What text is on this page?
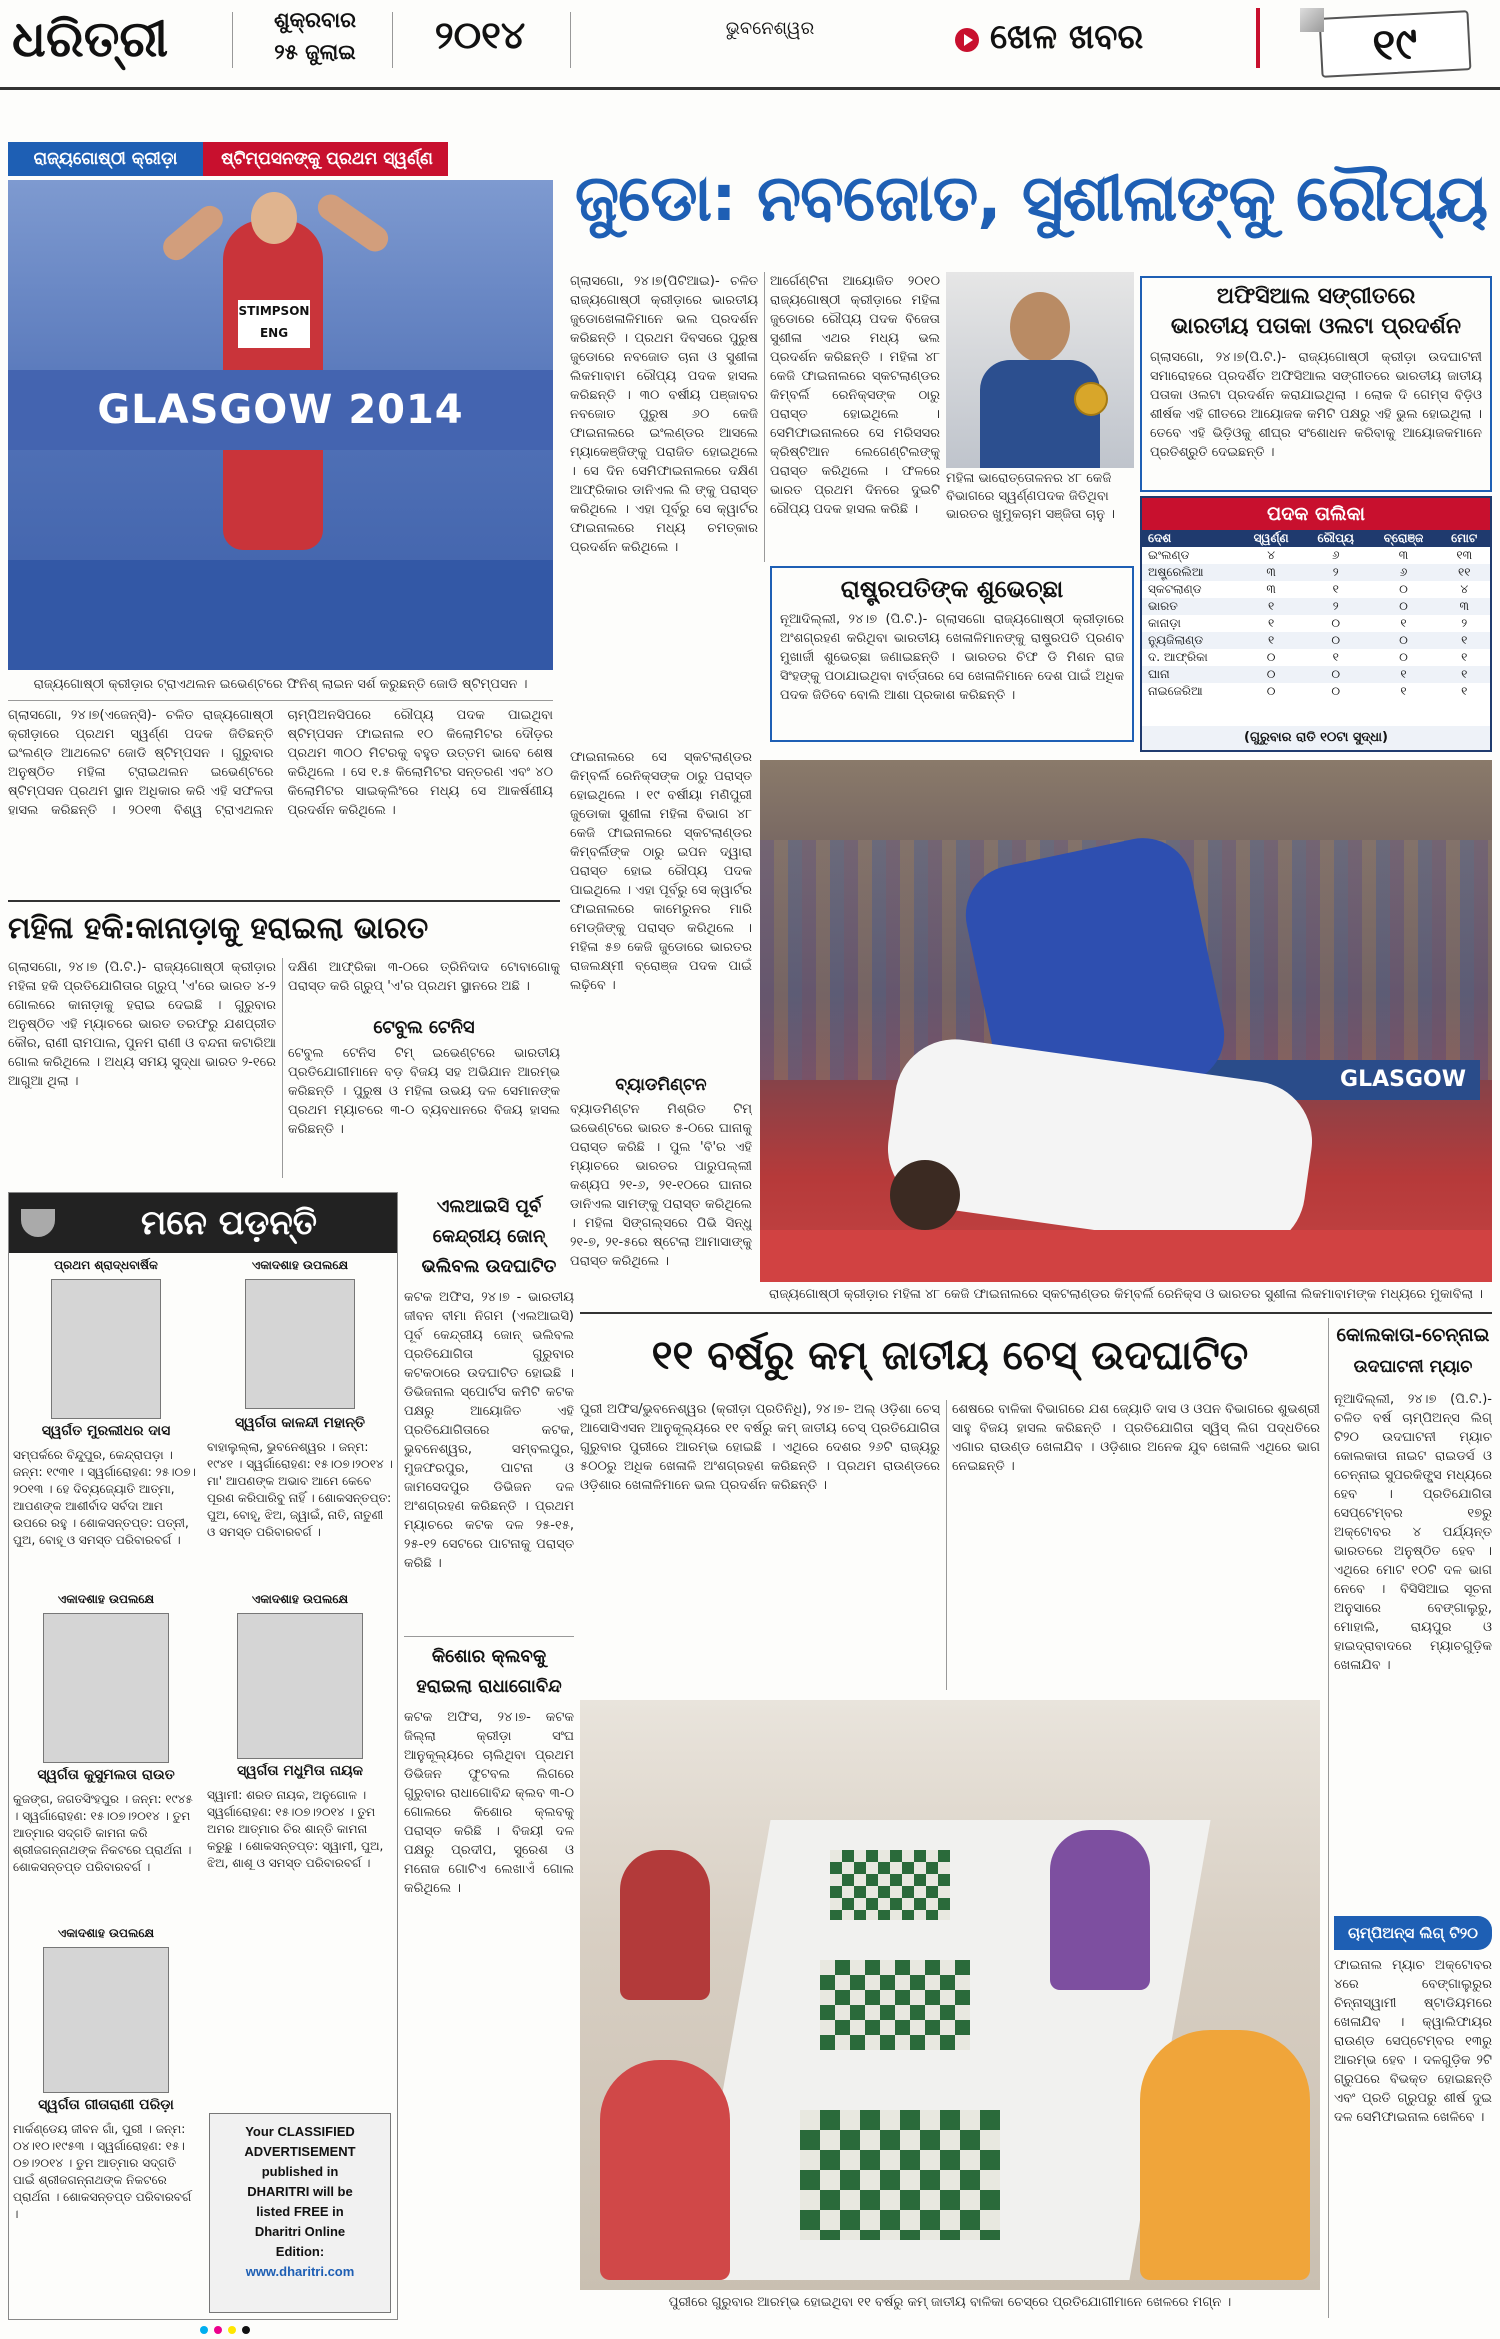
ଧରିତ୍ରୀ	ଶୁକ୍ରବାର
୨୫ ଜୁଲାଇ	୨୦୧୪	ଭୁବନେଶ୍ୱର	ଖେଳ ଖବର	୧୯
ରାଜ୍ୟଗୋଷ୍ଠୀ କ୍ରୀଡ଼ା	ଷ୍ଟିମ୍ପସନଙ୍କୁ ପ୍ରଥମ ସ୍ୱର୍ଣ୍ଣ
STIMPSON
ENG
GLASGOW 2014
ରାଜ୍ୟଗୋଷ୍ଠୀ କ୍ରୀଡ଼ାର ଟ୍ରାଏଥଲନ ଇଭେଣ୍ଟରେ ଫିନିଶ୍ ଲାଇନ ସର୍ଶ କରୁଛନ୍ତି ଜୋଡି ଷ୍ଟିମ୍ପସନ ।
ଗ୍ଲାସଗୋ, ୨୪।୭(ଏଜେନ୍ସି)- ଚଳିତ ରାଜ୍ୟଗୋଷ୍ଠୀ କ୍ରୀଡ଼ାରେ ପ୍ରଥମ ସ୍ୱର୍ଣ୍ଣ ପଦକ ଜିତିଛନ୍ତି ଇଂଲଣ୍ଡ ଆଥଲେଟ ଜୋଡି ଷ୍ଟିମ୍ପସନ । ଗୁରୁବାର ଅନୁଷ୍ଠିତ ମହିଳା ଟ୍ରାଇଥଲନ ଇଭେଣ୍ଟରେ ଷ୍ଟିମ୍ପସନ ପ୍ରଥମ ସ୍ଥାନ ଅଧିକାର କରି ଏହି ସଫଳତା ହାସଲ କରିଛନ୍ତି । ୨୦୧୩ ବିଶ୍ୱ ଟ୍ରାଏଥଲନ ଚାମ୍ପିଅନସିପରେ ରୌପ୍ୟ ପଦକ ପାଇଥିବା ଷ୍ଟିମ୍ପସନ ଫାଇନାଲ ୧୦ କିଲୋମିଟର ଦୌଡ଼ର ପ୍ରଥମ ୩୦୦ ମିଟରକୁ ବହୁତ ଉତ୍ତମ ଭାବେ ଶେଷ କରିଥିଲେ । ସେ ୧.୫ କିଲୋମିଟର ସନ୍ତରଣ ଏବଂ ୪୦ କିଲୋମିଟର ସାଇକ୍ଲିଂରେ ମଧ୍ୟ ସେ ଆକର୍ଷଣୀୟ ପ୍ରଦର୍ଶନ କରିଥିଲେ ।
ଜୁଡୋ: ନବଜୋତ, ସୁଶୀଳାଙ୍କୁ ରୌପ୍ୟ
ଗ୍ଲାସଗୋ, ୨୪।୭(ପିଟିଆଇ)- ଚଳିତ ରାଜ୍ୟଗୋଷ୍ଠୀ କ୍ରୀଡ଼ାରେ ଭାରତୀୟ ଜୁଡୋଖେଳାଳିମାନେ ଭଲ ପ୍ରଦର୍ଶନ କରିଛନ୍ତି । ପ୍ରଥମ ଦିବସରେ ପୁରୁଷ ଜୁଡୋରେ ନବଜୋତ ଚାନା ଓ ସୁଶୀଳା ଲିକମାବାମ ରୌପ୍ୟ ପଦକ ହାସଲ କରିଛନ୍ତି । ୩୦ ବର୍ଷୀୟ ପଞ୍ଜାବର ନବଜୋତ ପୁରୁଷ ୬୦ କେଜି ଫାଇନାଲରେ ଇଂଲଣ୍ଡର ଆସଲେ ମ୍ୟାକେଞ୍ଜିଙ୍କୁ ପରାଜିତ ହୋଇଥିଲେ । ସେ ଦିନ ସେମିଫାଇନାଲରେ ଦକ୍ଷିଣ ଆଫ୍ରିକାର ଡାନିଏଲ ଲି ଙ୍କୁ ପରାସ୍ତ କରିଥିଲେ । ଏହା ପୂର୍ବରୁ ସେ କ୍ୱାର୍ଟର ଫାଇନାଲରେ ମଧ୍ୟ ଚମତ୍କାର ପ୍ରଦର୍ଶନ କରିଥିଲେ ।
ଆର୍ଗେଣ୍ଟିନା ଆୟୋଜିତ ୨୦୧୦ ରାଜ୍ୟଗୋଷ୍ଠୀ କ୍ରୀଡ଼ାରେ ମହିଳା ଜୁଡୋରେ ରୌପ୍ୟ ପଦକ ବିଜେତା ସୁଶୀଳା ଏଥର ମଧ୍ୟ ଭଲ ପ୍ରଦର୍ଶନ କରିଛନ୍ତି । ମହିଳା ୪୮ କେଜି ଫାଇନାଲରେ ସ୍କଟଲାଣ୍ଡର କିମ୍ବର୍ଲି ରେନିକ୍ସଙ୍କ ଠାରୁ ପରାସ୍ତ ହୋଇଥିଲେ । ସେମିଫାଇନାଲରେ ସେ ମରିସସର କ୍ରିଷ୍ଟିଆନ ଲେଗେଣ୍ଟିଲଙ୍କୁ ପରାସ୍ତ କରିଥିଲେ । ଫଳରେ ଭାରତ ପ୍ରଥମ ଦିନରେ ଦୁଇଟି ରୌପ୍ୟ ପଦକ ହାସଲ କରିଛି ।
ମହିଳା ଭାରୋତ୍ତୋଳନର ୪୮ କେଜି ବିଭାଗରେ ସ୍ୱର୍ଣ୍ଣପଦକ ଜିତିଥିବା ଭାରତର ଖୁମୁକଚାମ ସଞ୍ଜିତା ଚାନୁ ।
ଅଫିସିଆଲ ସଙ୍ଗୀତରେ
ଭାରତୀୟ ପତାକା ଓଲଟା ପ୍ରଦର୍ଶନ
ଗ୍ଲାସଗୋ, ୨୪।୭(ପି.ଟି.)- ରାଜ୍ୟଗୋଷ୍ଠୀ କ୍ରୀଡ଼ା ଉଦଘାଟନୀ ସମାରୋହରେ ପ୍ରଦର୍ଶିତ ଅଫିସିଆଲ ସଙ୍ଗୀତରେ ଭାରତୀୟ ଜାତୀୟ ପତାକା ଓଲଟା ପ୍ରଦର୍ଶନ କରାଯାଇଥିଲା । ଲୋକ ଦି ଗେମ୍ସ ବିଡ଼ିଓ ଶୀର୍ଷକ ଏହି ଗୀତରେ ଆୟୋଜକ କମିଟି ପକ୍ଷରୁ ଏହି ଭୁଲ ହୋଇଥିଲା । ତେବେ ଏହି ଭିଡ଼ିଓକୁ ଶୀଘ୍ର ସଂଶୋଧନ କରିବାକୁ ଆୟୋଜକମାନେ ପ୍ରତିଶ୍ରୁତି ଦେଇଛନ୍ତି ।
ପଦକ ତାଲିକା
ଦେଶ	ସ୍ୱର୍ଣ୍ଣ	ରୌପ୍ୟ	ବ୍ରୋଞ୍ଜ	ମୋଟ
ଇଂଲଣ୍ଡ	୪	୬	୩	୧୩
ଅଷ୍ଟ୍ରେଲିଆ	୩	୨	୬	୧୧
ସ୍କଟଲାଣ୍ଡ	୩	୧	୦	୪
ଭାରତ	୧	୨	୦	୩
କାନାଡ଼ା	୧	୦	୧	୨
ନ୍ୟୁଜିଲାଣ୍ଡ	୧	୦	୦	୧
ଦ. ଆଫ୍ରିକା	୦	୧	୦	୧
ଘାନା	୦	୦	୧	୧
ନାଇଜେରିଆ	୦	୦	୧	୧
(ଗୁରୁବାର ରାତି ୧୦ଟା ସୁଦ୍ଧା)
ରାଷ୍ଟ୍ରପତିଙ୍କ ଶୁଭେଚ୍ଛା
ନୂଆଦିଲ୍ଲୀ, ୨୪।୭ (ପି.ଟି.)- ଗ୍ଲାସଗୋ ରାଜ୍ୟଗୋଷ୍ଠୀ କ୍ରୀଡ଼ାରେ ଅଂଶଗ୍ରହଣ କରିଥିବା ଭାରତୀୟ ଖେଳାଳିମାନଙ୍କୁ ରାଷ୍ଟ୍ରପତି ପ୍ରଣବ ମୁଖାର୍ଜୀ ଶୁଭେଚ୍ଛା ଜଣାଇଛନ୍ତି । ଭାରତର ଚିଫ ଡି ମିଶନ ରାଜ ସିଂହଙ୍କୁ ପଠାଯାଇଥିବା ବାର୍ତ୍ତାରେ ସେ ଖେଳାଳିମାନେ ଦେଶ ପାଇଁ ଅଧିକ ପଦକ ଜିତିବେ ବୋଲି ଆଶା ପ୍ରକାଶ କରିଛନ୍ତି ।
GLASGOW
ରାଜ୍ୟଗୋଷ୍ଠୀ କ୍ରୀଡ଼ାର ମହିଳା ୪୮ କେଜି ଫାଇନାଲରେ ସ୍କଟଲାଣ୍ଡର କିମ୍ବର୍ଲି ରେନିକ୍ସ ଓ ଭାରତର ସୁଶୀଳା ଲିକମାବାମଙ୍କ ମଧ୍ୟରେ ମୁକାବିଲା ।
ଫାଇନାଲରେ ସେ ସ୍କଟଲାଣ୍ଡର କିମ୍ବର୍ଲି ରେନିକ୍ସଙ୍କ ଠାରୁ ପରାସ୍ତ ହୋଇଥିଲେ । ୧୯ ବର୍ଷୀୟା ମଣିପୁରୀ ଜୁଡୋକା ସୁଶୀଳା ମହିଳା ବିଭାଗ ୪୮ କେଜି ଫାଇନାଲରେ ସ୍କଟଲାଣ୍ଡର କିମ୍ବର୍ଲିଙ୍କ ଠାରୁ ଇପନ ଦ୍ୱାରା ପରାସ୍ତ ହୋଇ ରୌପ୍ୟ ପଦକ ପାଇଥିଲେ । ଏହା ପୂର୍ବରୁ ସେ କ୍ୱାର୍ଟର ଫାଇନାଲରେ କାମେରୁନର ମାରି ମେଡ୍ଜିଙ୍କୁ ପରାସ୍ତ କରିଥିଲେ । ମହିଳା ୫୭ କେଜି ଜୁଡୋରେ ଭାରତର ରାଜଲକ୍ଷ୍ମୀ ବ୍ରୋଞ୍ଜ ପଦକ ପାଇଁ ଲଢ଼ିବେ ।
ବ୍ୟାଡମିଣ୍ଟନ
ବ୍ୟାଡମିଣ୍ଟନ ମିଶ୍ରିତ ଟିମ୍ ଇଭେଣ୍ଟରେ ଭାରତ ୫-୦ରେ ଘାନାକୁ ପରାସ୍ତ କରିଛି । ପୁଲ 'ବି'ର ଏହି ମ୍ୟାଚରେ ଭାରତର ପାରୁପଲ୍ଲୀ କଶ୍ୟପ ୨୧-୬, ୨୧-୧୦ରେ ଘାନାର ଡାନିଏଲ ସାମଙ୍କୁ ପରାସ୍ତ କରିଥିଲେ । ମହିଳା ସିଙ୍ଗଲ୍ସରେ ପିଭି ସିନ୍ଧୁ ୨୧-୭, ୨୧-୫ରେ ଷ୍ଟେଲା ଆମାସାଙ୍କୁ ପରାସ୍ତ କରିଥିଲେ ।
ମହିଳା ହକି:କାନାଡ଼ାକୁ ହରାଇଲା ଭାରତ
ଗ୍ଲାସଗୋ, ୨୪।୭ (ପି.ଟି.)- ରାଜ୍ୟଗୋଷ୍ଠୀ କ୍ରୀଡ଼ାର ମହିଳା ହକି ପ୍ରତିଯୋଗିତାର ଗ୍ରୁପ୍ 'ଏ'ରେ ଭାରତ ୪-୨ ଗୋଲରେ କାନାଡ଼ାକୁ ହରାଇ ଦେଇଛି । ଗୁରୁବାର ଅନୁଷ୍ଠିତ ଏହି ମ୍ୟାଚରେ ଭାରତ ତରଫରୁ ଯଶପ୍ରୀତ କୌର, ରାଣୀ ରାମପାଲ, ପୁନମ ରାଣୀ ଓ ବନ୍ଦନା କଟାରିଆ ଗୋଲ କରିଥିଲେ । ଅଧ୍ୟ ସମୟ ସୁଦ୍ଧା ଭାରତ ୨-୧ରେ ଆଗୁଆ ଥିଲା ।
ଦକ୍ଷିଣ ଆଫ୍ରିକା ୩-୦ରେ ତ୍ରିନିଦାଦ ଟୋବାଗୋକୁ ପରାସ୍ତ କରି ଗ୍ରୁପ୍ 'ଏ'ର ପ୍ରଥମ ସ୍ଥାନରେ ଅଛି ।
ଟେବୁଲ ଟେନିସ
ଟେବୁଲ ଟେନିସ ଟିମ୍ ଇଭେଣ୍ଟରେ ଭାରତୀୟ ପ୍ରତିଯୋଗୀମାନେ ବଡ଼ ବିଜୟ ସହ ଅଭିଯାନ ଆରମ୍ଭ କରିଛନ୍ତି । ପୁରୁଷ ଓ ମହିଳା ଉଭୟ ଦଳ ସେମାନଙ୍କ ପ୍ରଥମ ମ୍ୟାଚରେ ୩-୦ ବ୍ୟବଧାନରେ ବିଜୟ ହାସଲ କରିଛନ୍ତି ।
ମନେ ପଡ଼ନ୍ତି
ପ୍ରଥମ ଶ୍ରାଦ୍ଧବାର୍ଷିକ
ସ୍ୱର୍ଗତ ମୁରଲୀଧର ଦାସ
ସମ୍ପର୍କରେ ବିନ୍ଦୁପୁର, କେନ୍ଦ୍ରାପଡ଼ା । ଜନ୍ମ: ୧୯୩୧ । ସ୍ୱର୍ଗାରୋହଣ: ୨୫।୦୭।୨୦୧୩ । ହେ ଦିବ୍ୟଜ୍ୟୋତି ଆତ୍ମା, ଆପଣଙ୍କ ଆଶୀର୍ବାଦ ସର୍ବଦା ଆମ ଉପରେ ରହୁ । ଶୋକସନ୍ତପ୍ତ: ପତ୍ନୀ, ପୁଅ, ବୋହୂ ଓ ସମସ୍ତ ପରିବାରବର୍ଗ ।
ଏକାଦଶାହ ଉପଲକ୍ଷେ
ସ୍ୱର୍ଗତା କାଳନ୍ଦୀ ମହାନ୍ତି
ବାହାଲୁଲ୍ଲା, ଭୁବନେଶ୍ୱର । ଜନ୍ମ: ୧୯୪୧ । ସ୍ୱର୍ଗାରୋହଣ: ୧୫।୦୭।୨୦୧୪ । ମା' ଆପଣଙ୍କ ଅଭାବ ଆମେ କେବେ ପୂରଣ କରିପାରିବୁ ନାହିଁ । ଶୋକସନ୍ତପ୍ତ: ପୁଅ, ବୋହୂ, ଝିଅ, ଜ୍ୱାଇଁ, ନାତି, ନାତୁଣୀ ଓ ସମସ୍ତ ପରିବାରବର୍ଗ ।
ଏକାଦଶାହ ଉପଲକ୍ଷେ
ସ୍ୱର୍ଗତା କୁସୁମଲତା ରାଉତ
କୁଜଙ୍ଗ, ଜଗତସିଂହପୁର । ଜନ୍ମ: ୧୯୪୫ । ସ୍ୱର୍ଗାରୋହଣ: ୧୫।୦୭।୨୦୧୪ । ତୁମ ଆତ୍ମାର ସଦ୍ଗତି କାମନା କରି ଶ୍ରୀଜଗନ୍ନାଥଙ୍କ ନିକଟରେ ପ୍ରାର୍ଥନା । ଶୋକସନ୍ତପ୍ତ ପରିବାରବର୍ଗ ।
ଏକାଦଶାହ ଉପଲକ୍ଷେ
ସ୍ୱର୍ଗତା ମଧୁମିତା ନାୟକ
ସ୍ୱାମୀ: ଶରତ ନାୟକ, ଅନୁଗୋଳ । ସ୍ୱର୍ଗାରୋହଣ: ୧୫।୦୭।୨୦୧୪ । ତୁମ ଅମର ଆତ୍ମାର ଚିର ଶାନ୍ତି କାମନା କରୁଛୁ । ଶୋକସନ୍ତପ୍ତ: ସ୍ୱାମୀ, ପୁଅ, ଝିଅ, ଶାଶୂ ଓ ସମସ୍ତ ପରିବାରବର୍ଗ ।
ଏକାଦଶାହ ଉପଲକ୍ଷେ
ସ୍ୱର୍ଗତା ଗୀତାରାଣୀ ପରିଡ଼ା
ମାର୍କଣ୍ଡେୟ ଜୀବନ ଗାଁ, ପୁରୀ । ଜନ୍ମ: ୦୪।୧୦।୧୯୫୩ । ସ୍ୱର୍ଗାରୋହଣ: ୧୫।୦୭।୨୦୧୪ । ତୁମ ଆତ୍ମାର ସଦ୍ଗତି ପାଇଁ ଶ୍ରୀଜଗନ୍ନାଥଙ୍କ ନିକଟରେ ପ୍ରାର୍ଥନା । ଶୋକସନ୍ତପ୍ତ ପରିବାରବର୍ଗ ।
Your CLASSIFIED
ADVERTISEMENT
published in
DHARITRI will be
listed FREE in
Dharitri Online
Edition:
www.dharitri.com
ଏଲଆଇସି ପୂର୍ବ
କେନ୍ଦ୍ରୀୟ ଜୋନ୍
ଭଲିବଲ ଉଦଘାଟିତ
କଟକ ଅଫିସ, ୨୪।୭ - ଭାରତୀୟ ଜୀବନ ବୀମା ନିଗମ (ଏଲଆଇସି) ପୂର୍ବ କେନ୍ଦ୍ରୀୟ ଜୋନ୍ ଭଲିବଲ ପ୍ରତିଯୋଗିତା ଗୁରୁବାର କଟକଠାରେ ଉଦଘାଟିତ ହୋଇଛି । ଡିଭିଜନାଲ ସ୍ପୋର୍ଟସ କମିଟି କଟକ ପକ୍ଷରୁ ଆୟୋଜିତ ଏହି ପ୍ରତିଯୋଗିତାରେ କଟକ, ଭୁବନେଶ୍ୱର, ସମ୍ବଲପୁର, ମୁଜଫରପୁର, ପାଟନା ଓ ଜାମସେଦପୁର ଡିଭିଜନ ଦଳ ଅଂଶଗ୍ରହଣ କରିଛନ୍ତି । ପ୍ରଥମ ମ୍ୟାଚରେ କଟକ ଦଳ ୨୫-୧୫, ୨୫-୧୨ ସେଟରେ ପାଟନାକୁ ପରାସ୍ତ କରିଛି ।
କିଶୋର କ୍ଲବକୁ
ହରାଇଲା ରାଧାଗୋବିନ୍ଦ
କଟକ ଅଫିସ, ୨୪।୭- କଟକ ଜିଲ୍ଲା କ୍ରୀଡ଼ା ସଂଘ ଆନୁକୂଲ୍ୟରେ ଚାଲିଥିବା ପ୍ରଥମ ଡିଭିଜନ ଫୁଟବଲ ଲିଗରେ ଗୁରୁବାର ରାଧାଗୋବିନ୍ଦ କ୍ଲବ ୩-୦ ଗୋଲରେ କିଶୋର କ୍ଲବକୁ ପରାସ୍ତ କରିଛି । ବିଜୟୀ ଦଳ ପକ୍ଷରୁ ପ୍ରଦୀପ, ସୁରେଶ ଓ ମନୋଜ ଗୋଟିଏ ଲେଖାଏଁ ଗୋଲ କରିଥିଲେ ।
୧୧ ବର୍ଷରୁ କମ୍ ଜାତୀୟ ଚେସ୍ ଉଦଘାଟିତ
ପୁରୀ ଅଫିସ/ଭୁବନେଶ୍ୱର (କ୍ରୀଡ଼ା ପ୍ରତିନିଧି), ୨୪।୭- ଅଲ୍ ଓଡ଼ିଶା ଚେସ୍ ଆସୋସିଏସନ ଆନୁକୂଲ୍ୟରେ ୧୧ ବର୍ଷରୁ କମ୍ ଜାତୀୟ ଚେସ୍ ପ୍ରତିଯୋଗିତା ଗୁରୁବାର ପୁରୀରେ ଆରମ୍ଭ ହୋଇଛି । ଏଥିରେ ଦେଶର ୨୬ଟି ରାଜ୍ୟରୁ ୫୦୦ରୁ ଅଧିକ ଖେଳାଳି ଅଂଶଗ୍ରହଣ କରିଛନ୍ତି । ପ୍ରଥମ ରାଉଣ୍ଡରେ ଓଡ଼ିଶାର ଖେଳାଳିମାନେ ଭଲ ପ୍ରଦର୍ଶନ କରିଛନ୍ତି ।
ଶେଷରେ ବାଳିକା ବିଭାଗରେ ଯଶ ଜ୍ୟୋତି ଦାସ ଓ ଓପନ ବିଭାଗରେ ଶୁଭଶ୍ରୀ ସାହୁ ବିଜୟ ହାସଲ କରିଛନ୍ତି । ପ୍ରତିଯୋଗିତା ସ୍ୱିସ୍ ଲିଗ ପଦ୍ଧତିରେ ଏଗାର ରାଉଣ୍ଡ ଖେଳାଯିବ । ଓଡ଼ିଶାର ଅନେକ ଯୁବ ଖେଳାଳି ଏଥିରେ ଭାଗ ନେଇଛନ୍ତି ।
ପୁରୀରେ ଗୁରୁବାର ଆରମ୍ଭ ହୋଇଥିବା ୧୧ ବର୍ଷରୁ କମ୍ ଜାତୀୟ ବାଳିକା ଚେସ୍‌ରେ ପ୍ରତିଯୋଗୀମାନେ ଖେଳରେ ମଗ୍ନ ।
କୋଲକାତା-ଚେନ୍ନାଇ
ଉଦଘାଟନୀ ମ୍ୟାଚ
ନୂଆଦିଲ୍ଲୀ, ୨୪।୭ (ପି.ଟି.)- ଚଳିତ ବର୍ଷ ଚାମ୍ପିଅନ୍ସ ଲିଗ୍ ଟି୨୦ ଉଦଘାଟନୀ ମ୍ୟାଚ କୋଲକାତା ନାଇଟ ରାଇଡର୍ସ ଓ ଚେନ୍ନାଇ ସୁପରକିଙ୍ଗ୍ସ ମଧ୍ୟରେ ହେବ । ପ୍ରତିଯୋଗିତା ସେପ୍ଟେମ୍ବର ୧୭ରୁ ଅକ୍ଟୋବର ୪ ପର୍ଯ୍ୟନ୍ତ ଭାରତରେ ଅନୁଷ୍ଠିତ ହେବ । ଏଥିରେ ମୋଟ ୧୦ଟି ଦଳ ଭାଗ ନେବେ । ବିସିସିଆଇ ସୂଚନା ଅନୁସାରେ ବେଙ୍ଗାଲୁରୁ, ମୋହାଲି, ରାୟପୁର ଓ ହାଇଦ୍ରାବାଦରେ ମ୍ୟାଚଗୁଡ଼ିକ ଖେଳାଯିବ ।
ଚାମ୍ପିଅନ୍ସ ଲିଗ୍ ଟି୨୦
ଫାଇନାଲ ମ୍ୟାଚ ଅକ୍ଟୋବର ୪ରେ ବେଙ୍ଗାଲୁରୁର ଚିନ୍ନାସ୍ୱାମୀ ଷ୍ଟାଡିୟମରେ ଖେଳାଯିବ । କ୍ୱାଲିଫାୟର ରାଉଣ୍ଡ ସେପ୍ଟେମ୍ବର ୧୩ରୁ ଆରମ୍ଭ ହେବ । ଦଳଗୁଡ଼ିକ ୨ଟି ଗ୍ରୁପରେ ବିଭକ୍ତ ହୋଇଛନ୍ତି ଏବଂ ପ୍ରତି ଗ୍ରୁପରୁ ଶୀର୍ଷ ଦୁଇ ଦଳ ସେମିଫାଇନାଲ ଖେଳିବେ ।
